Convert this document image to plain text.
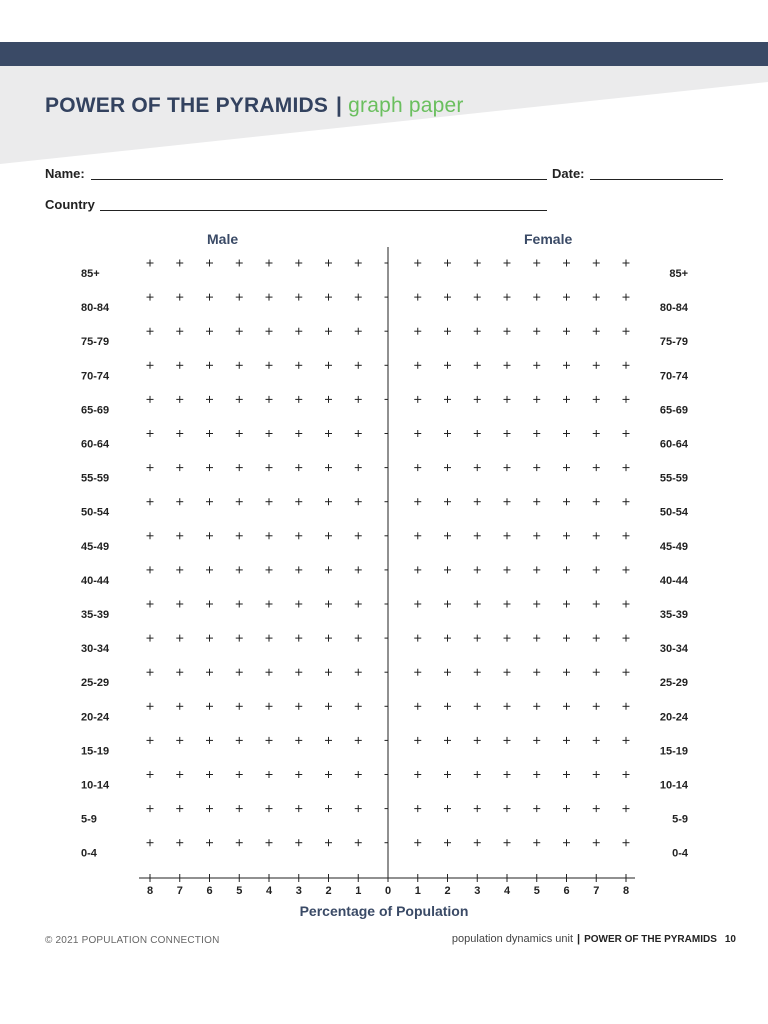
POWER OF THE PYRAMIDS | graph paper
Name:	Date:
Country
Male	Female
8 7 6 5 4 3 2 1 0 1 2 3 4 5 6 7 8
85+	85+
80-84	80-84
75-79	75-79
70-74	70-74
65-69	65-69
60-64	60-64
55-59	55-59
50-54	50-54
45-49	45-49
40-44	40-44
35-39	35-39
30-34	30-34
25-29	25-29
20-24	20-24
15-19	15-19
10-14	10-14
5-9	5-9
0-4	0-4
Percentage of Population
© 2021 POPULATION CONNECTION	population dynamics unit | POWER OF THE PYRAMIDS 10
